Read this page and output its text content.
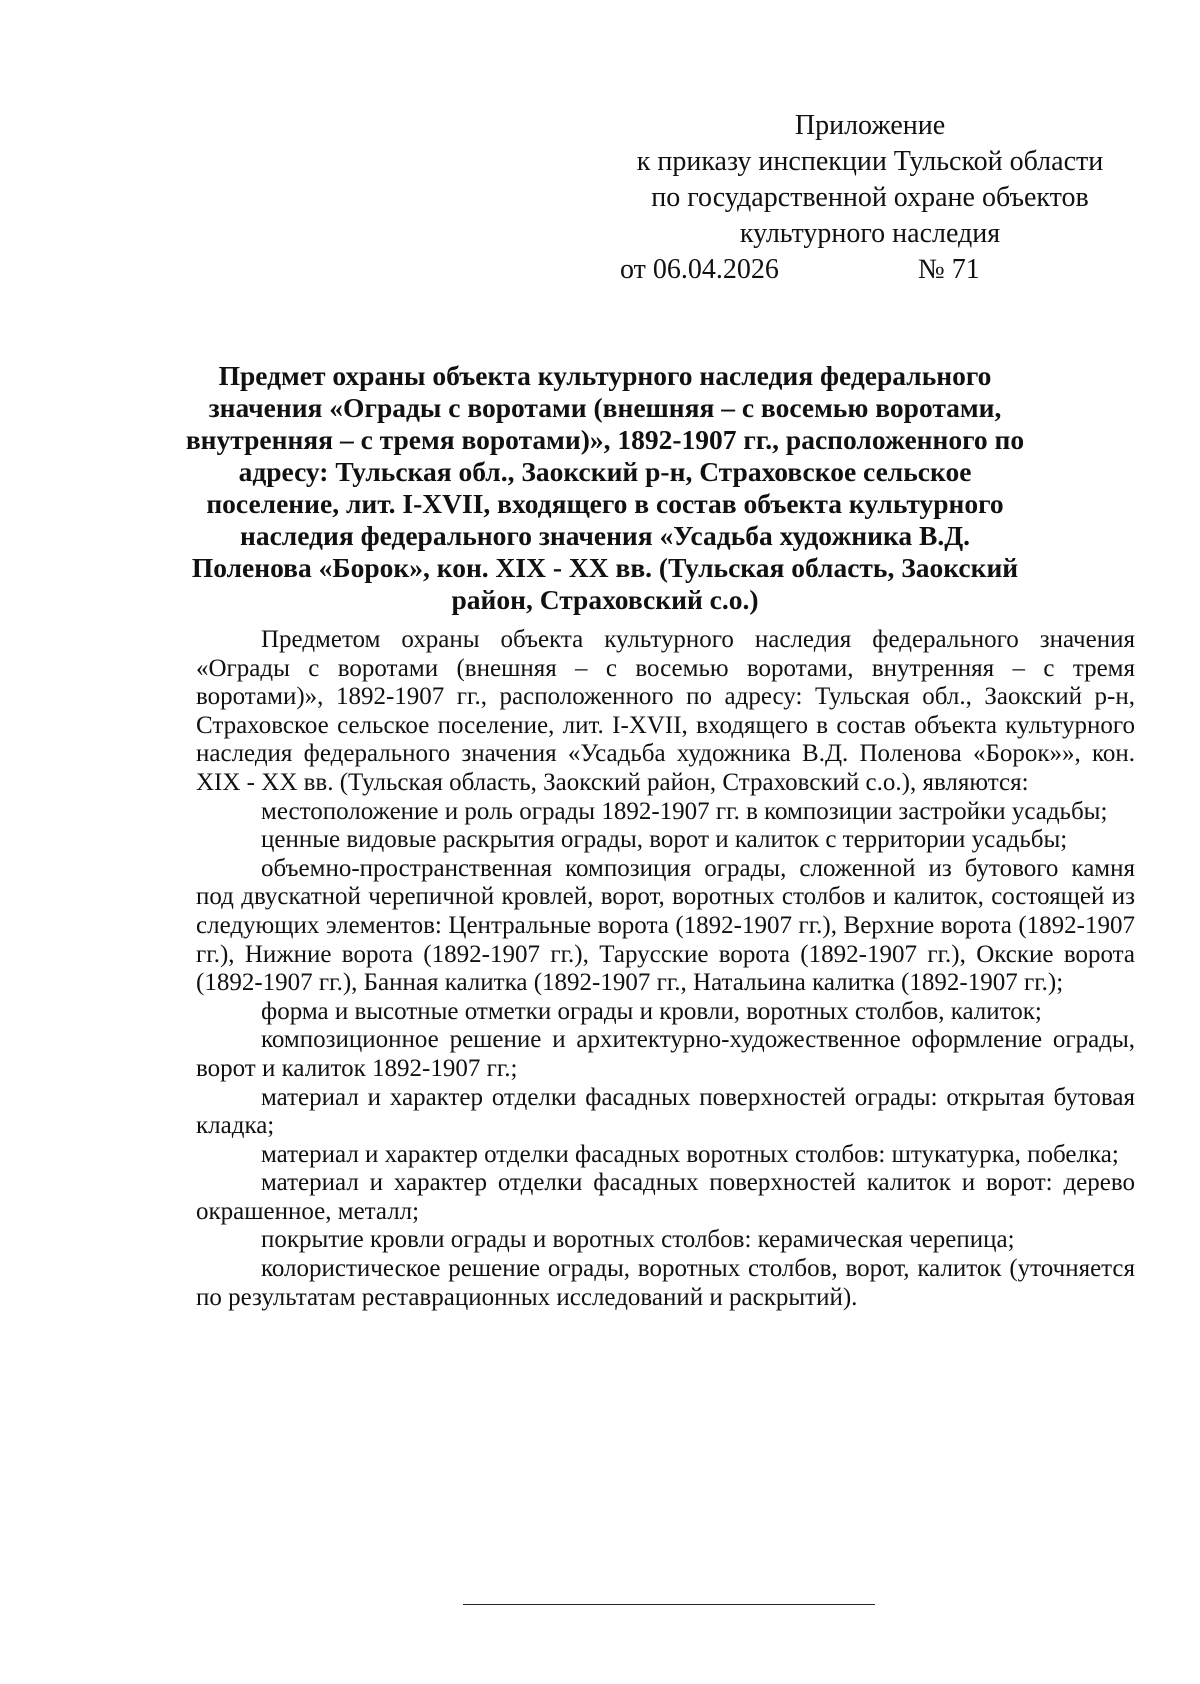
Приложение
к приказу инспекции Тульской области
по государственной охране объектов
культурного наследия
от 06.04.2026	№ 71
Предмет охраны объекта культурного наследия федерального значения «Ограды с воротами (внешняя – с восемью воротами, внутренняя – с тремя воротами)», 1892-1907 гг., расположенного по адресу: Тульская обл., Заокский р-н, Страховское сельское поселение, лит. I-XVII, входящего в состав объекта культурного наследия федерального значения «Усадьба художника В.Д. Поленова «Борок», кон. XIX - XX вв. (Тульская область, Заокский район, Страховский с.о.)

Предметом охраны объекта культурного наследия федерального значения «Ограды с воротами (внешняя – с восемью воротами, внутренняя – с тремя воротами)», 1892-1907 гг., расположенного по адресу: Тульская обл., Заокский р-н, Страховское сельское поселение, лит. I-XVII, входящего в состав объекта культурного наследия федерального значения «Усадьба художника В.Д. Поленова «Борок»», кон. XIX - XX вв. (Тульская область, Заокский район, Страховский с.о.), являются:

местоположение и роль ограды 1892-1907 гг. в композиции застройки усадьбы;

ценные видовые раскрытия ограды, ворот и калиток с территории усадьбы;

объемно-пространственная композиция ограды, сложенной из бутового камня под двускатной черепичной кровлей, ворот, воротных столбов и калиток, состоящей из следующих элементов: Центральные ворота (1892-1907 гг.), Верхние ворота (1892-1907 гг.), Нижние ворота (1892-1907 гг.), Тарусские ворота (1892-1907 гг.), Окские ворота (1892-1907 гг.), Банная калитка (1892-1907 гг., Натальина калитка (1892-1907 гг.);

форма и высотные отметки ограды и кровли, воротных столбов, калиток;

композиционное решение и архитектурно-художественное оформление ограды, ворот и калиток 1892-1907 гг.;

материал и характер отделки фасадных поверхностей ограды: открытая бутовая кладка;

материал и характер отделки фасадных воротных столбов: штукатурка, побелка;

материал и характер отделки фасадных поверхностей калиток и ворот: дерево окрашенное, металл;

покрытие кровли ограды и воротных столбов: керамическая черепица;

колористическое решение ограды, воротных столбов, ворот, калиток (уточняется по результатам реставрационных исследований и раскрытий).
